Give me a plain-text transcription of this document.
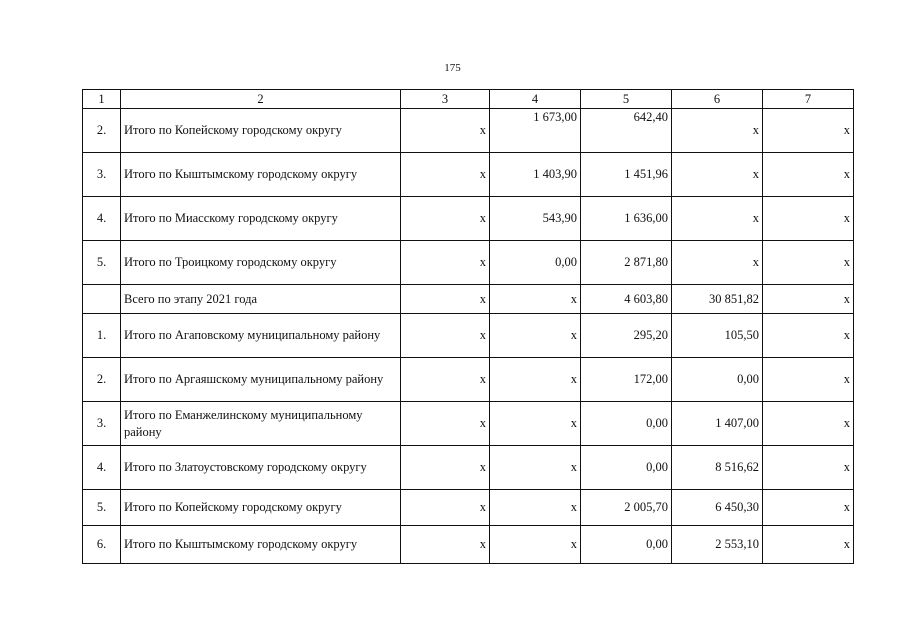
175
1	2	3	4	5	6	7
2.	Итого по Копейскому городскому округу	x	1 673,00	642,40	x	x
3.	Итого по Кыштымскому городскому округу	x	1 403,90	1 451,96	x	x
4.	Итого по Миасскому городскому округу	x	543,90	1 636,00	x	x
5.	Итого по Троицкому городскому округу	x	0,00	2 871,80	x	x
	Всего по этапу 2021 года	x	x	4 603,80	30 851,82	x
1.	Итого по Агаповскому муниципальному району	x	x	295,20	105,50	x
2.	Итого по Аргаяшскому муниципальному району	x	x	172,00	0,00	x
3.	Итого по Еманжелинскому муниципальному району	x	x	0,00	1 407,00	x
4.	Итого по Златоустовскому городскому округу	x	x	0,00	8 516,62	x
5.	Итого по Копейскому городскому округу	x	x	2 005,70	6 450,30	x
6.	Итого по Кыштымскому городскому округу	x	x	0,00	2 553,10	x
